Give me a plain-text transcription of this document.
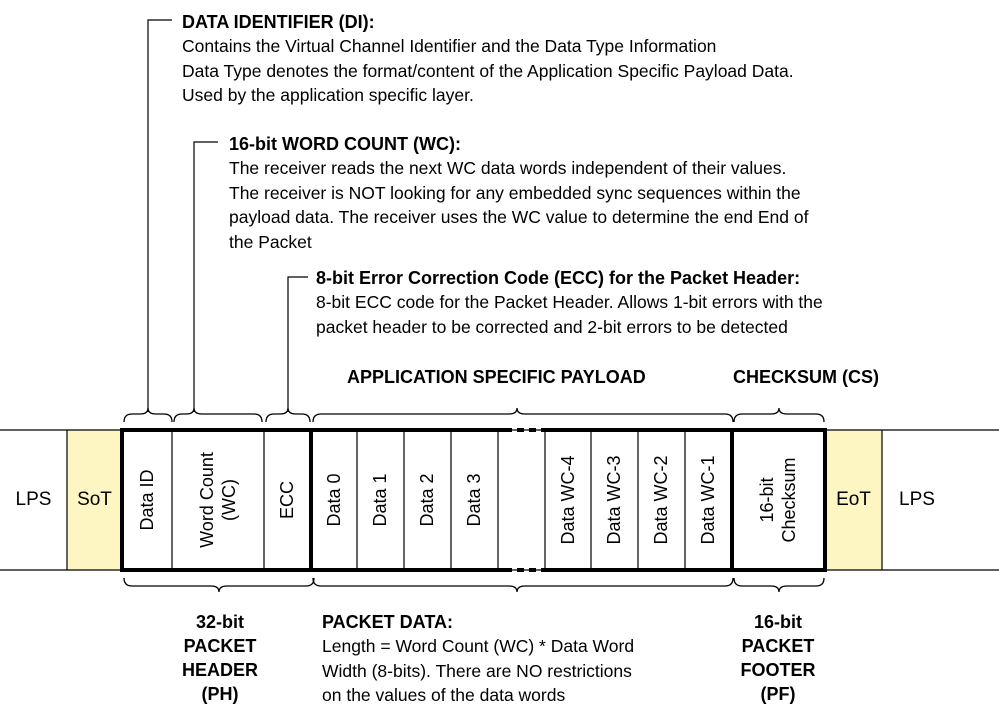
DATA IDENTIFIER (DI):
Contains the Virtual Channel Identifier and the Data Type Information
Data Type denotes the format/content of the Application Specific Payload Data.
Used by the application specific layer.
16-bit WORD COUNT (WC):
The receiver reads the next WC data words independent of their values.
The receiver is NOT looking for any embedded sync sequences within the
payload data. The receiver uses the WC value to determine the end End of
the Packet
8-bit Error Correction Code (ECC) for the Packet Header:
8-bit ECC code for the Packet Header. Allows 1-bit errors with the
packet header to be corrected and 2-bit errors to be detected
APPLICATION SPECIFIC PAYLOAD	CHECKSUM (CS)
LPS	SoT	EoT	LPS
Data ID Word Count (WC) ECC Data 0 Data 1 Data 2 Data 3	Data WC-4 Data WC-3 Data WC-2 Data WC-1 16-bit Checksum
32-bit
PACKET
HEADER
(PH)
PACKET DATA:
Length = Word Count (WC) * Data Word
Width (8-bits). There are NO restrictions
on the values of the data words
16-bit
PACKET
FOOTER
(PF)
